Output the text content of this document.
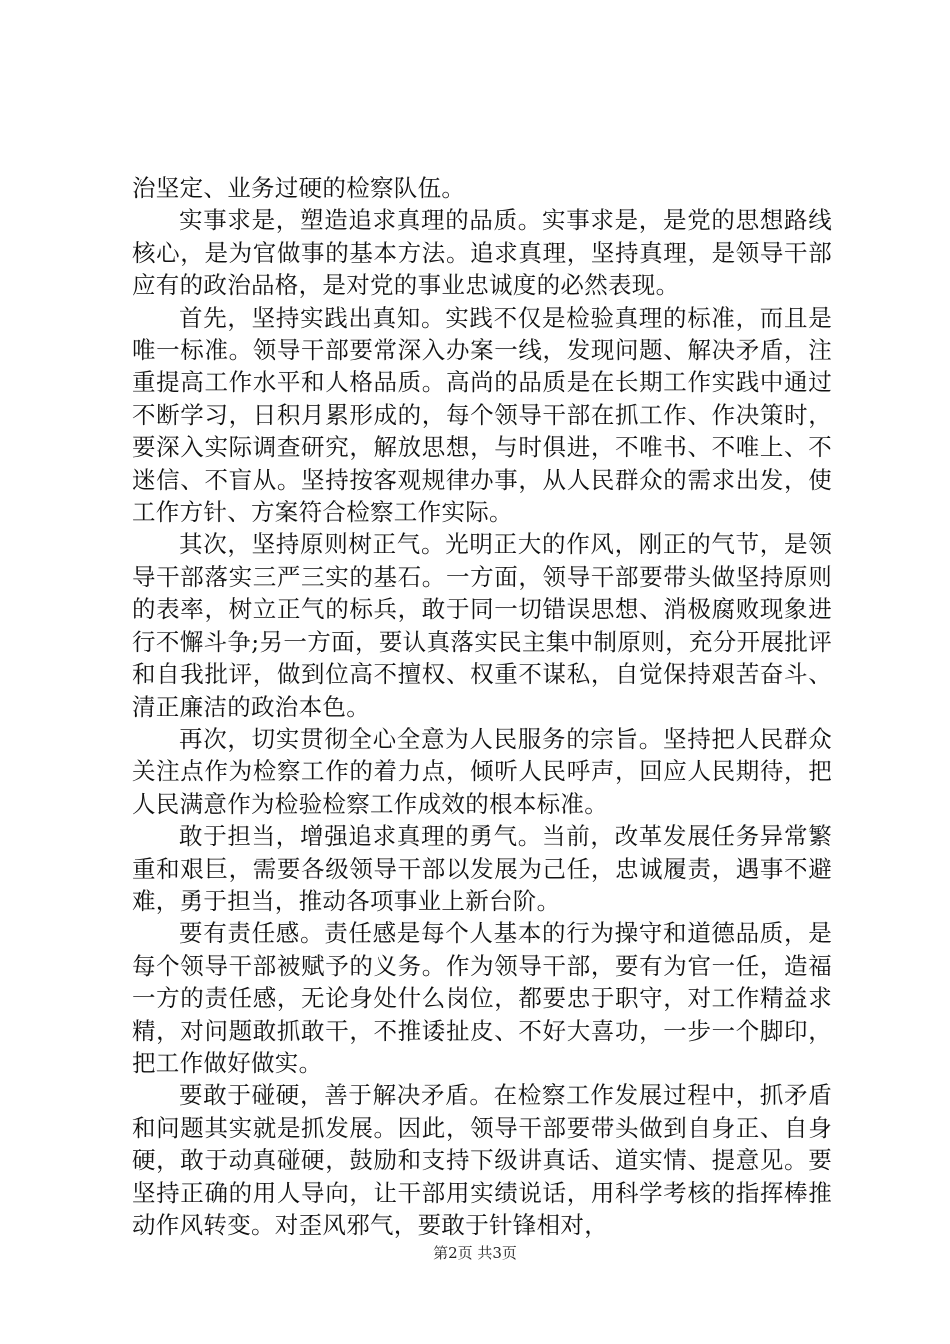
治坚定、业务过硬的检察队伍。

实事求是，塑造追求真理的品质。实事求是，是党的思想路线核心，是为官做事的基本方法。追求真理，坚持真理，是领导干部应有的政治品格，是对党的事业忠诚度的必然表现。

首先，坚持实践出真知。实践不仅是检验真理的标准，而且是唯一标准。领导干部要常深入办案一线，发现问题、解决矛盾，注重提高工作水平和人格品质。高尚的品质是在长期工作实践中通过不断学习，日积月累形成的，每个领导干部在抓工作、作决策时，要深入实际调查研究，解放思想，与时俱进，不唯书、不唯上、不迷信、不盲从。坚持按客观规律办事，从人民群众的需求出发，使工作方针、方案符合检察工作实际。

其次，坚持原则树正气。光明正大的作风，刚正的气节，是领导干部落实三严三实的基石。一方面，领导干部要带头做坚持原则的表率，树立正气的标兵，敢于同一切错误思想、消极腐败现象进行不懈斗争;另一方面，要认真落实民主集中制原则，充分开展批评和自我批评，做到位高不擅权、权重不谋私，自觉保持艰苦奋斗、清正廉洁的政治本色。

再次，切实贯彻全心全意为人民服务的宗旨。坚持把人民群众关注点作为检察工作的着力点，倾听人民呼声，回应人民期待，把人民满意作为检验检察工作成效的根本标准。

敢于担当，增强追求真理的勇气。当前，改革发展任务异常繁重和艰巨，需要各级领导干部以发展为己任，忠诚履责，遇事不避难，勇于担当，推动各项事业上新台阶。

要有责任感。责任感是每个人基本的行为操守和道德品质，是每个领导干部被赋予的义务。作为领导干部，要有为官一任，造福一方的责任感，无论身处什么岗位，都要忠于职守，对工作精益求精，对问题敢抓敢干，不推诿扯皮、不好大喜功，一步一个脚印，把工作做好做实。

要敢于碰硬，善于解决矛盾。在检察工作发展过程中，抓矛盾和问题其实就是抓发展。因此，领导干部要带头做到自身正、自身硬，敢于动真碰硬，鼓励和支持下级讲真话、道实情、提意见。要坚持正确的用人导向，让干部用实绩说话，用科学考核的指挥棒推动作风转变。对歪风邪气，要敢于针锋相对，

第2页 共3页
